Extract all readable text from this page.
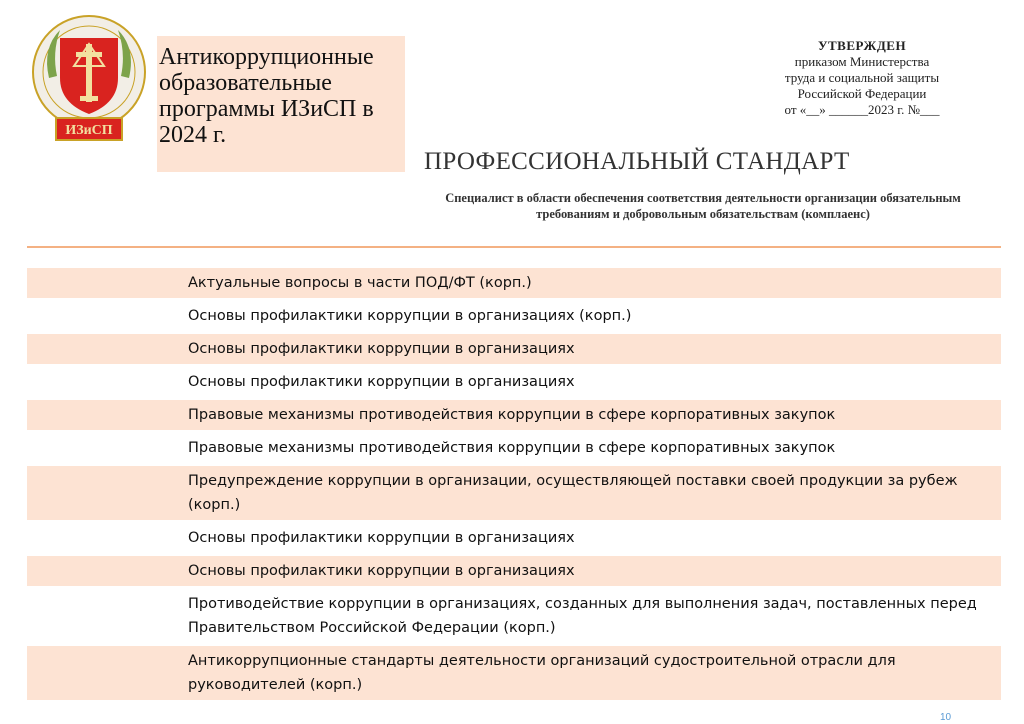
ИЗиСП
Антикоррупционные образовательные программы ИЗиСП в 2024 г.
УТВЕРЖДЕН
приказом Министерства
труда и социальной защиты
Российской Федерации
от «__» ______2023 г. №___
ПРОФЕССИОНАЛЬНЫЙ СТАНДАРТ
Специалист в области обеспечения соответствия деятельности организации обязательным требованиям и добровольным обязательствам (комплаенс)
Актуальные вопросы в части ПОД/ФТ (корп.)
Основы профилактики коррупции в организациях (корп.)
Основы профилактики коррупции в организациях
Основы профилактики коррупции в организациях
Правовые механизмы противодействия коррупции в сфере корпоративных закупок
Правовые механизмы противодействия коррупции в сфере корпоративных закупок
Предупреждение коррупции в организации, осуществляющей поставки своей продукции за рубеж (корп.)
Основы профилактики коррупции в организациях
Основы профилактики коррупции в организациях
Противодействие коррупции в организациях, созданных для выполнения задач, поставленных перед Правительством Российской Федерации (корп.)
Антикоррупционные стандарты деятельности организаций судостроительной отрасли для руководителей (корп.)
10
